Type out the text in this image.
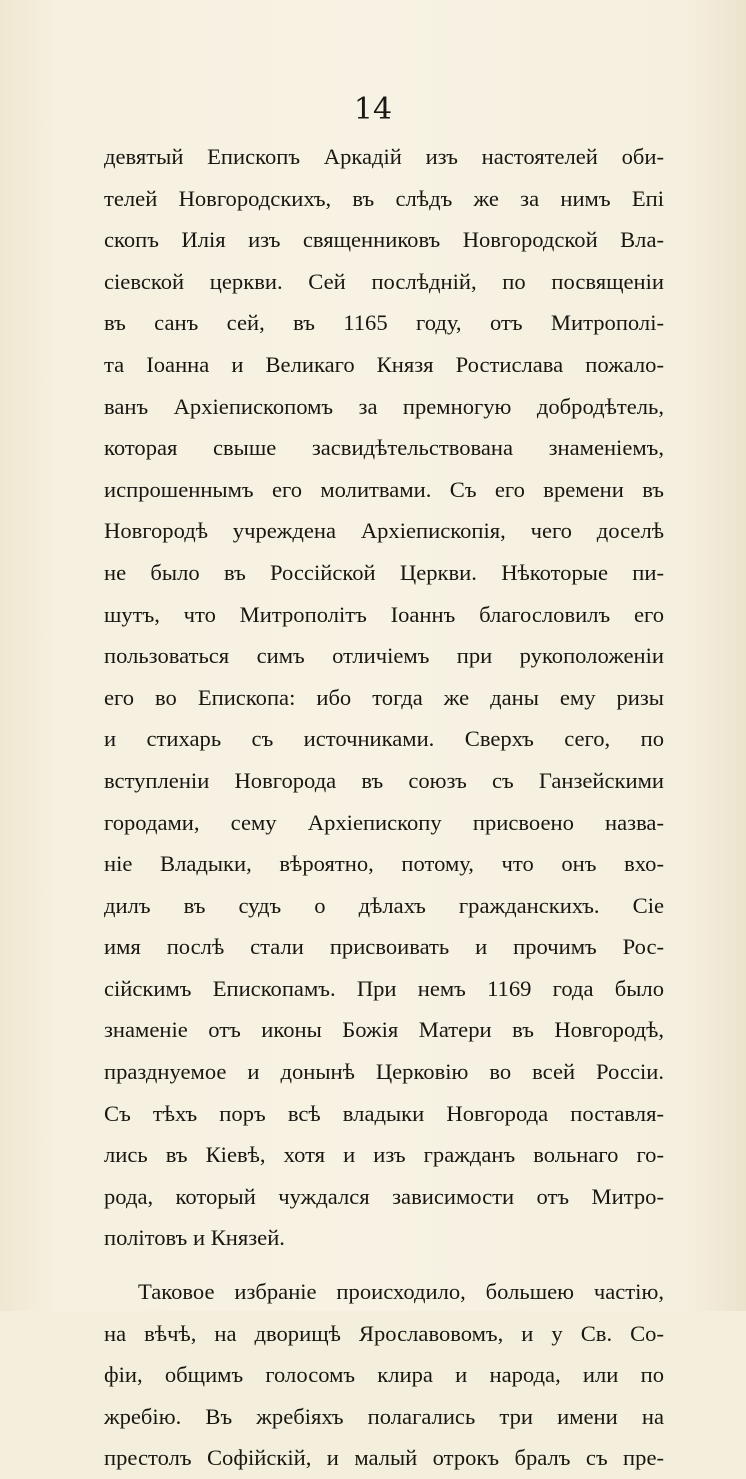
14
девятый Епископъ Аркадій изъ настоятелей оби-
телей Новгородскихъ, въ слѣдъ же за нимъ Епі
скопъ Илія изъ священниковъ Новгородской Вла-
сіевской церкви. Сей послѣдній, по посвященіи
въ санъ сей, въ 1165 году, отъ Митрополі-
та Іоанна и Великаго Князя Ростислава пожало-
ванъ Архіепископомъ за премногую добродѣтель,
которая свыше засвидѣтельствована знаменіемъ,
испрошеннымъ его молитвами. Съ его времени въ
Новгородѣ учреждена Архіепископія, чего доселѣ
не было въ Россійской Церкви. Нѣкоторые пи-
шутъ, что Митрополітъ Іоаннъ благословилъ его
пользоваться симъ отличіемъ при рукоположеніи
его во Епископа: ибо тогда же даны ему ризы
и стихарь съ источниками. Сверхъ сего, по
вступленіи Новгорода въ союзъ съ Ганзейскими
городами, сему Архіепископу присвоено назва-
ніе Владыки, вѣроятно, потому, что онъ вхо-
дилъ въ судъ о дѣлахъ гражданскихъ. Сіе
имя послѣ стали присвоивать и прочимъ Рос-
сійскимъ Епископамъ. При немъ 1169 года было
знаменіе отъ иконы Божія Матери въ Новгородѣ,
празднуемое и донынѣ Церковію во всей Россіи.
Съ тѣхъ поръ всѣ владыки Новгорода поставля-
лись въ Кіевѣ, хотя и изъ гражданъ вольнаго го-
рода, который чуждался зависимости отъ Митро-
політовъ и Князей.
Таковое избраніе происходило, большею частію,
на вѣчѣ, на дворищѣ Ярославовомъ, и у Св. Со-
фіи, общимъ голосомъ клира и народа, или по
жребію. Въ жребіяхъ полагались три имени на
престолъ Софійскій, и малый отрокъ бралъ съ пре-
